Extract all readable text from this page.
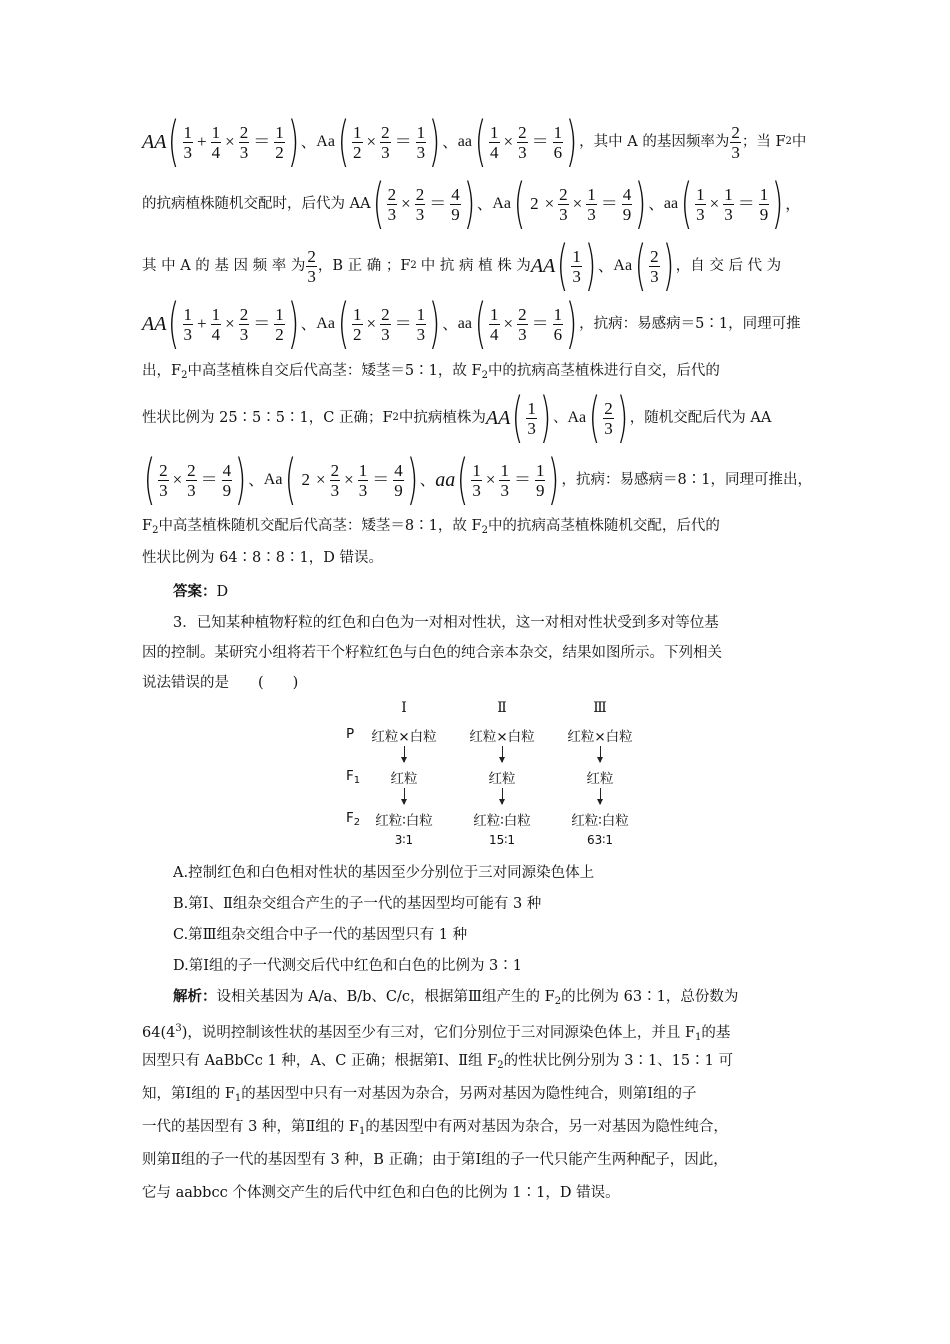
AA ( $\frac{1}{3} + \frac{1}{4} \times \frac{2}{3} = \frac{1}{2}$ ) 、 Aa ( $\frac{1}{2} \times \frac{2}{3} = \frac{1}{3}$ ) 、 aa ( $\frac{1}{4} \times \frac{2}{3} = \frac{1}{6}$ ) ，其中 A 的基因频率为 $\frac{2}{3}$ ；当 F 2 中
的抗病植株随机交配时，后代为 AA ( $\frac{2}{3} \times \frac{2}{3} = \frac{4}{9}$ ) 、 Aa ( $2 \times \frac{2}{3} \times \frac{1}{3} = \frac{4}{9}$ ) 、 aa ( $\frac{1}{3} \times \frac{1}{3} = \frac{1}{9}$ ) ，
其 中 A 的 基 因 频 率 为 $\frac{2}{3}$ ，B 正 确 ；F 2 中 抗 病 植 株 为 AA ( $\frac{1}{3}$ ) 、 Aa ( $\frac{2}{3}$ ) ，自 交 后 代 为
AA ( $\frac{1}{3} + \frac{1}{4} \times \frac{2}{3} = \frac{1}{2}$ ) 、 Aa ( $\frac{1}{2} \times \frac{2}{3} = \frac{1}{3}$ ) 、 aa ( $\frac{1}{4} \times \frac{2}{3} = \frac{1}{6}$ ) ，抗病：易感病＝5∶1，同理可推
出，$F_2$中高茎植株自交后代高茎：矮茎＝5∶1，故 $F_2$中的抗病高茎植株进行自交，后代的
性状比例为 25∶5∶5∶1，C 正确；F 2 中抗病植株为 AA ( $\frac{1}{3}$ ) 、 Aa ( $\frac{2}{3}$ ) ，随机交配后代为 AA
( $\frac{2}{3} \times \frac{2}{3} = \frac{4}{9}$ ) 、 Aa ( $2 \times \frac{2}{3} \times \frac{1}{3} = \frac{4}{9}$ ) 、 aa ( $\frac{1}{3} \times \frac{1}{3} = \frac{1}{9}$ ) ，抗病：易感病＝8∶1，同理可推出，
$F_2$中高茎植株随机交配后代高茎：矮茎＝8∶1，故 $F_2$中的抗病高茎植株随机交配，后代的
性状比例为 64∶8∶8∶1，D 错误。
答案：D
3．已知某种植物籽粒的红色和白色为一对相对性状，这一对相对性状受到多对等位基
因的控制。某研究小组将若干个籽粒红色与白色的纯合亲本杂交，结果如图所示。下列相关
说法错误的是　　(　　)
Ⅰ	Ⅱ	Ⅲ
P
$F_1$
$F_2$
红粒×白粒 红粒×白粒 红粒×白粒
红粒	红粒	红粒
红粒∶白粒	红粒∶白粒	红粒∶白粒
3∶1	15∶1	63∶1
A.控制红色和白色相对性状的基因至少分别位于三对同源染色体上
B.第Ⅰ、Ⅱ组杂交组合产生的子一代的基因型均可能有 3 种
C.第Ⅲ组杂交组合中子一代的基因型只有 1 种
D.第Ⅰ组的子一代测交后代中红色和白色的比例为 3∶1
解析：设相关基因为 A/a、B/b、C/c，根据第Ⅲ组产生的 $F_2$的比例为 63∶1，总份数为
$64(4^3)$，说明控制该性状的基因至少有三对，它们分别位于三对同源染色体上，并且 $F_1$的基
因型只有 AaBbCc 1 种，A、C 正确；根据第Ⅰ、Ⅱ组 $F_2$的性状比例分别为 3∶1、15∶1 可
知，第Ⅰ组的 $F_1$的基因型中只有一对基因为杂合，另两对基因为隐性纯合，则第Ⅰ组的子
一代的基因型有 3 种，第Ⅱ组的 $F_1$的基因型中有两对基因为杂合，另一对基因为隐性纯合，
则第Ⅱ组的子一代的基因型有 3 种，B 正确；由于第Ⅰ组的子一代只能产生两种配子，因此，
它与 aabbcc 个体测交产生的后代中红色和白色的比例为 1∶1，D 错误。
